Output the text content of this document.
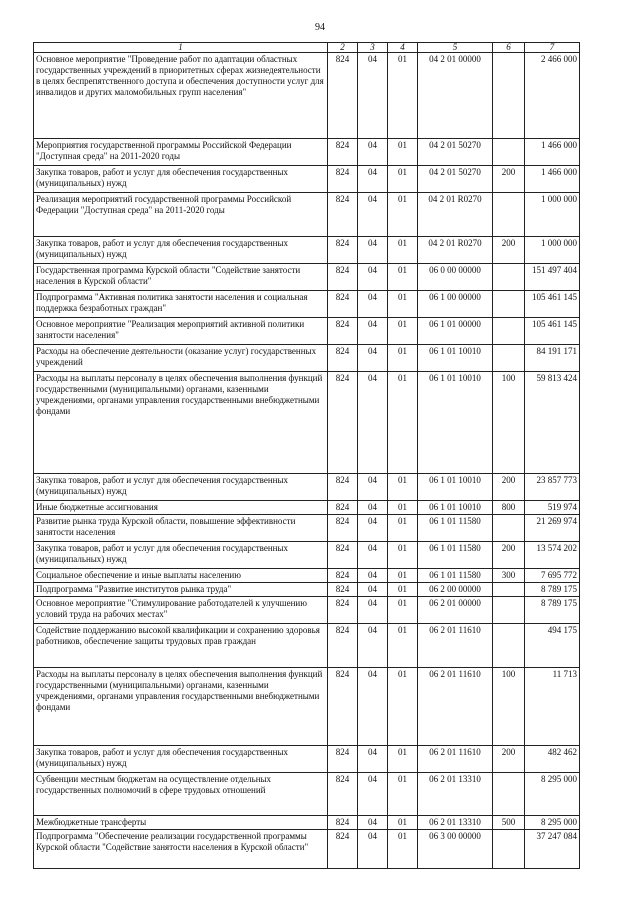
94
1	2	3	4	5	6	7
Основное мероприятие "Проведение работ по адаптации областных государственных учреждений в приоритетных сферах жизнедеятельности в целях беспрепятственного доступа и обеспечения доступности услуг для инвалидов и других маломобильных групп населения"	824	04	01	04 2 01 00000		2 466 000
Мероприятия государственной программы Российской Федерации "Доступная среда" на 2011-2020 годы	824	04	01	04 2 01 50270		1 466 000
Закупка товаров, работ и услуг для обеспечения государственных (муниципальных) нужд	824	04	01	04 2 01 50270	200	1 466 000
Реализация мероприятий государственной программы Российской Федерации "Доступная среда" на 2011-2020 годы	824	04	01	04 2 01 R0270		1 000 000
Закупка товаров, работ и услуг для обеспечения государственных (муниципальных) нужд	824	04	01	04 2 01 R0270	200	1 000 000
Государственная программа Курской области "Содействие занятости населения в Курской области"	824	04	01	06 0 00 00000		151 497 404
Подпрограмма "Активная политика занятости населения и социальная поддержка безработных граждан"	824	04	01	06 1 00 00000		105 461 145
Основное мероприятие "Реализация мероприятий активной политики занятости населения"	824	04	01	06 1 01 00000		105 461 145
Расходы на обеспечение деятельности (оказание услуг) государственных учреждений	824	04	01	06 1 01 10010		84 191 171
Расходы на выплаты персоналу в целях обеспечения выполнения функций государственными (муниципальными) органами, казенными учреждениями, органами управления государственными внебюджетными фондами	824	04	01	06 1 01 10010	100	59 813 424
Закупка товаров, работ и услуг для обеспечения государственных (муниципальных) нужд	824	04	01	06 1 01 10010	200	23 857 773
Иные бюджетные ассигнования	824	04	01	06 1 01 10010	800	519 974
Развитие рынка труда Курской области, повышение эффективности занятости населения	824	04	01	06 1 01 11580		21 269 974
Закупка товаров, работ и услуг для обеспечения государственных (муниципальных) нужд	824	04	01	06 1 01 11580	200	13 574 202
Социальное обеспечение и иные выплаты населению	824	04	01	06 1 01 11580	300	7 695 772
Подпрограмма "Развитие институтов рынка труда"	824	04	01	06 2 00 00000		8 789 175
Основное мероприятие "Стимулирование работодателей к улучшению условий труда на рабочих местах"	824	04	01	06 2 01 00000		8 789 175
Содействие поддержанию высокой квалификации и сохранению здоровья работников, обеспечение защиты трудовых прав граждан	824	04	01	06 2 01 11610		494 175
Расходы на выплаты персоналу в целях обеспечения выполнения функций государственными (муниципальными) органами, казенными учреждениями, органами управления государственными внебюджетными фондами	824	04	01	06 2 01 11610	100	11 713
Закупка товаров, работ и услуг для обеспечения государственных (муниципальных) нужд	824	04	01	06 2 01 11610	200	482 462
Субвенции местным бюджетам на осуществление отдельных государственных полномочий в сфере трудовых отношений	824	04	01	06 2 01 13310		8 295 000
Межбюджетные трансферты	824	04	01	06 2 01 13310	500	8 295 000
Подпрограмма "Обеспечение реализации государственной программы Курской области "Содействие занятости населения в Курской области"	824	04	01	06 3 00 00000		37 247 084
